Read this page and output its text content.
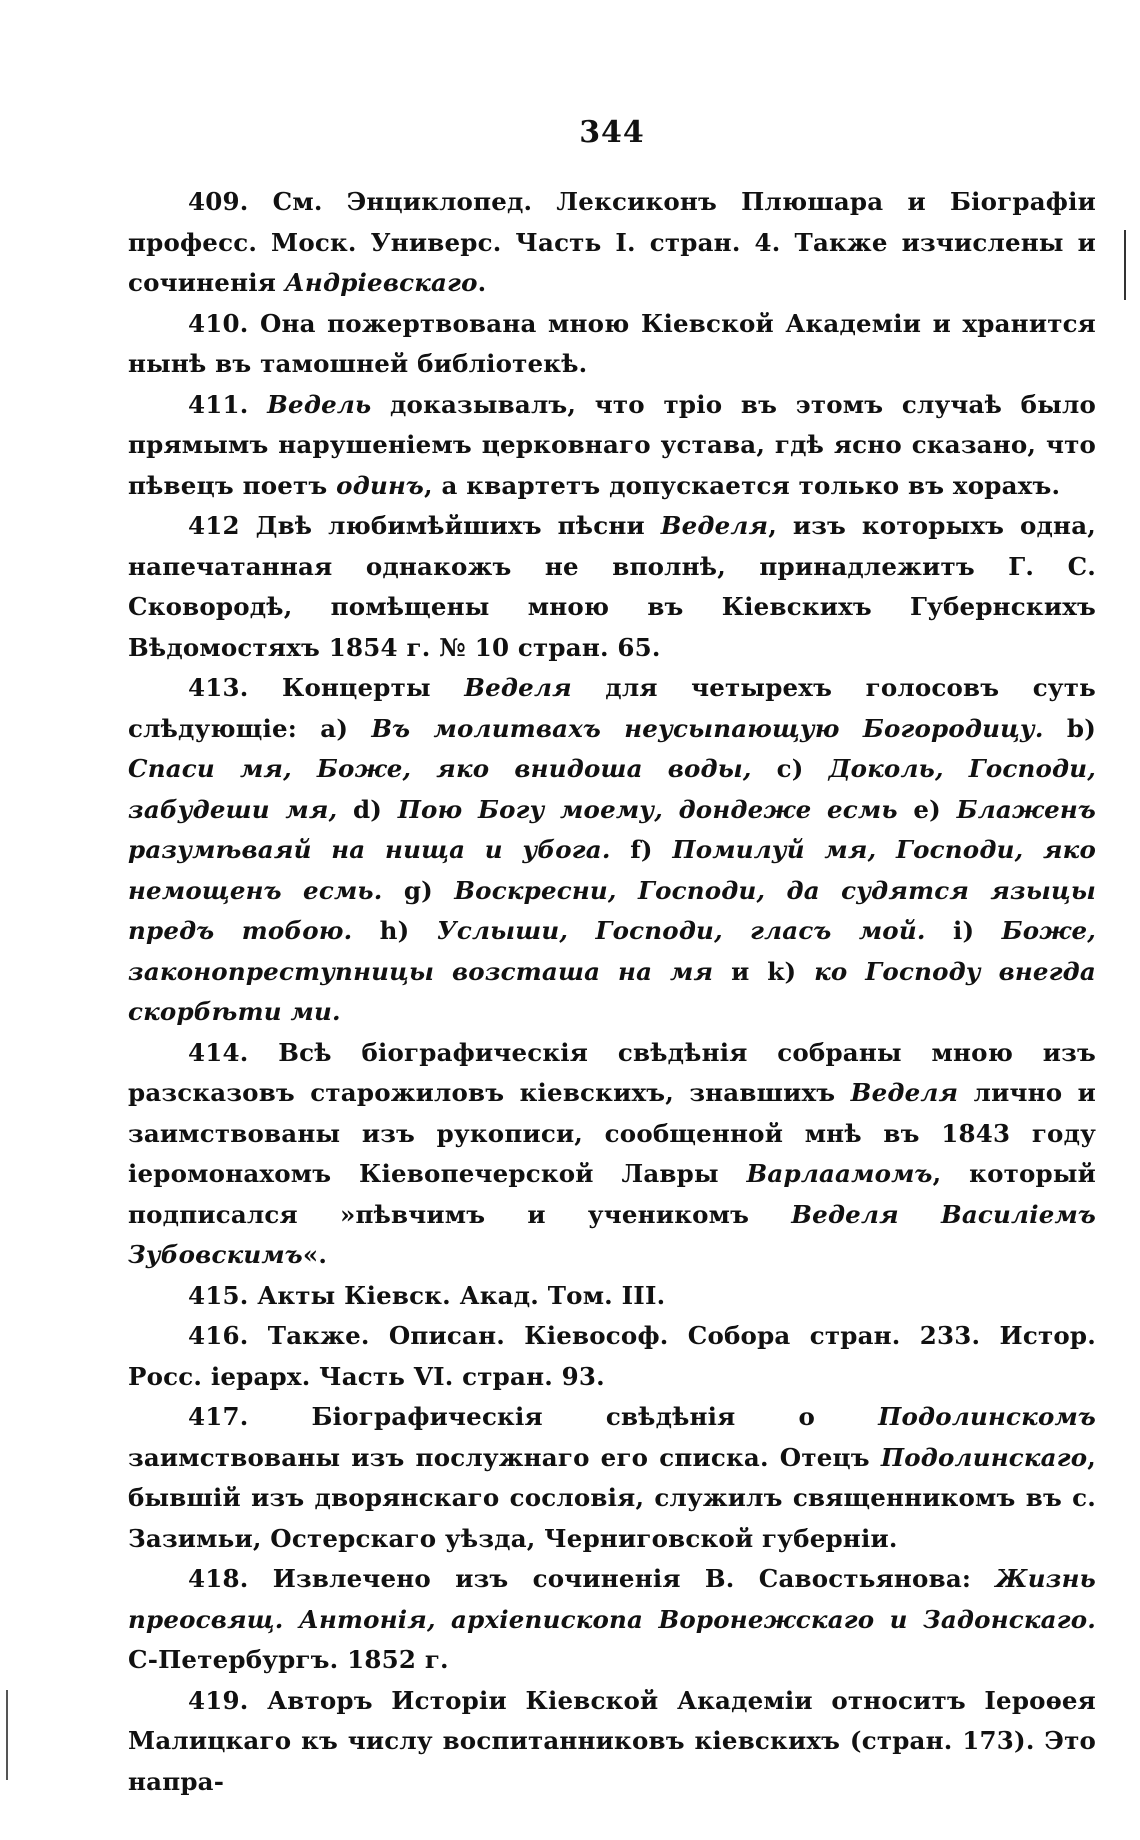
344

409. См. Энциклопед. Лексиконъ Плюшара и Біографіи професс. Моск. Универс. Часть I. стран. 4. Также изчислены и сочиненія Андріевскаго.

410. Она пожертвована мною Кіевской Академіи и хранится нынѣ въ тамошней библіотекѣ.

411. Ведель доказывалъ, что тріо въ этомъ случаѣ было прямымъ нарушеніемъ церковнаго устава, гдѣ ясно сказано, что пѣвецъ поетъ одинъ, а квартетъ допускается только въ хорахъ.

412 Двѣ любимѣйшихъ пѣсни Веделя, изъ которыхъ одна, напечатанная однакожъ не вполнѣ, принадлежитъ Г. С. Сковородѣ, помѣщены мною въ Кіевскихъ Губернскихъ Вѣдомостяхъ 1854 г. № 10 стран. 65.

413. Концерты Веделя для четырехъ голосовъ суть слѣдующіе: a) Въ молитвахъ неусыпающую Богородицу. b) Спаси мя, Боже, яко внидоша воды, c) Доколь, Господи, забудеши мя, d) Пою Богу моему, дондеже есмь e) Блаженъ разумѣваяй на нища и убога. f) Помилуй мя, Господи, яко немощенъ есмь. g) Воскресни, Господи, да судятся языцы предъ тобою. h) Услыши, Господи, гласъ мой. i) Боже, законопреступницы возсташа на мя и k) ко Господу внегда скорбѣти ми.

414. Всѣ біографическія свѣдѣнія собраны мною изъ разсказовъ старожиловъ кіевскихъ, знавшихъ Веделя лично и заимствованы изъ рукописи, сообщенной мнѣ въ 1843 году іеромонахомъ Кіевопечерской Лавры Варлаамомъ, который подписался »пѣвчимъ и ученикомъ Веделя Василіемъ Зубовскимъ«.

415. Акты Кіевск. Акад. Том. III.

416. Также. Описан. Кіевософ. Собора стран. 233. Истор. Росс. іерарх. Часть VI. стран. 93.

417. Біографическія свѣдѣнія о Подолинскомъ заимствованы изъ послужнаго его списка. Отецъ Подолинскаго, бывшій изъ дворянскаго сословія, служилъ священникомъ въ с. Зазимьи, Остерскаго уѣзда, Черниговской губерніи.

418. Извлечено изъ сочиненія В. Савостьянова: Жизнь преосвящ. Антонія, архіепископа Воронежскаго и Задонскаго. С-Петербургъ. 1852 г.

419. Авторъ Исторіи Кіевской Академіи относитъ Іероѳея Малицкаго къ числу воспитанниковъ кіевскихъ (стран. 173). Это напра-
